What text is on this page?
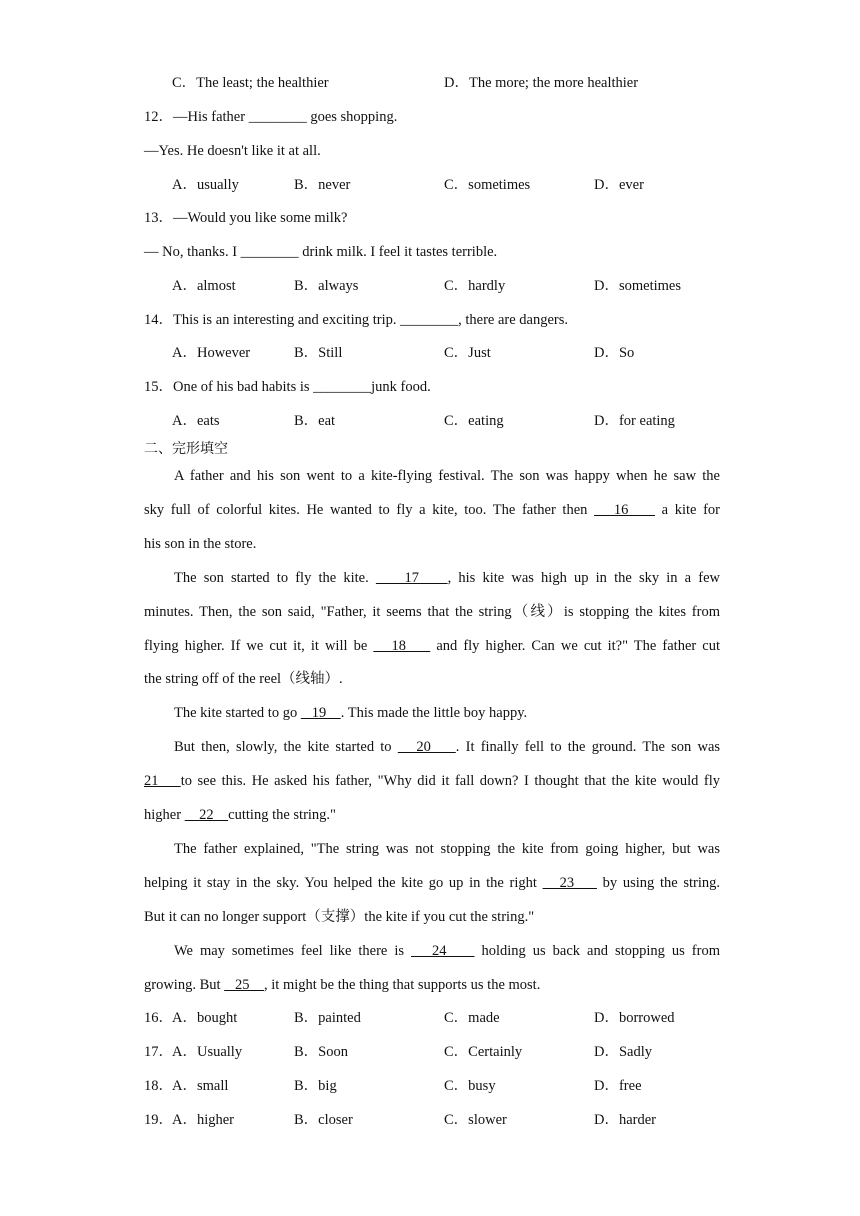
C．The least; the healthier	D．The more; the more healthier
12．—His father ________ goes shopping.
—Yes. He doesn't like it at all.
A．usually	B．never	C．sometimes	D．ever
13．—Would you like some milk?
— No, thanks. I ________ drink milk. I feel it tastes terrible.
A．almost	B．always	C．hardly	D．sometimes
14．This is an interesting and exciting trip. ________, there are dangers.
A．However	B．Still	C．Just	D．So
15．One of his bad habits is ________junk food.
A．eats	B．eat	C．eating	D．for eating
二、完形填空
A father and his son went to a kite-flying festival. The son was happy when he saw the
sky full of colorful kites. He wanted to fly a kite, too. The father then    16     a kite for
his son in the store.
The son started to fly the kite.     17    , his kite was high up in the sky in a few
minutes. Then, the son said, "Father, it seems that the string（线）is stopping the kites from
flying higher. If we cut it, it will be    18     and fly higher. Can we cut it?" The father cut
the string off of the reel（线轴）.
The kite started to go    19    . This made the little boy happy.
But then, slowly, the kite started to    20    . It finally fell to the ground. The son was
21    to see this. He asked his father, "Why did it fall down? I thought that the kite would fly
higher     22    cutting the string."
The father explained, "The string was not stopping the kite from going higher, but was
helping it stay in the sky. You helped the kite go up in the right    23     by using the string.
But it can no longer support（支撑）the kite if you cut the string."
We may sometimes feel like there is    24     holding us back and stopping us from
growing. But    25    , it might be the thing that supports us the most.
16． A．bought	B．painted	C．made	D．borrowed
17． A．Usually	B．Soon	C．Certainly	D．Sadly
18． A．small	B．big	C．busy	D．free
19． A．higher	B．closer	C．slower	D．harder
